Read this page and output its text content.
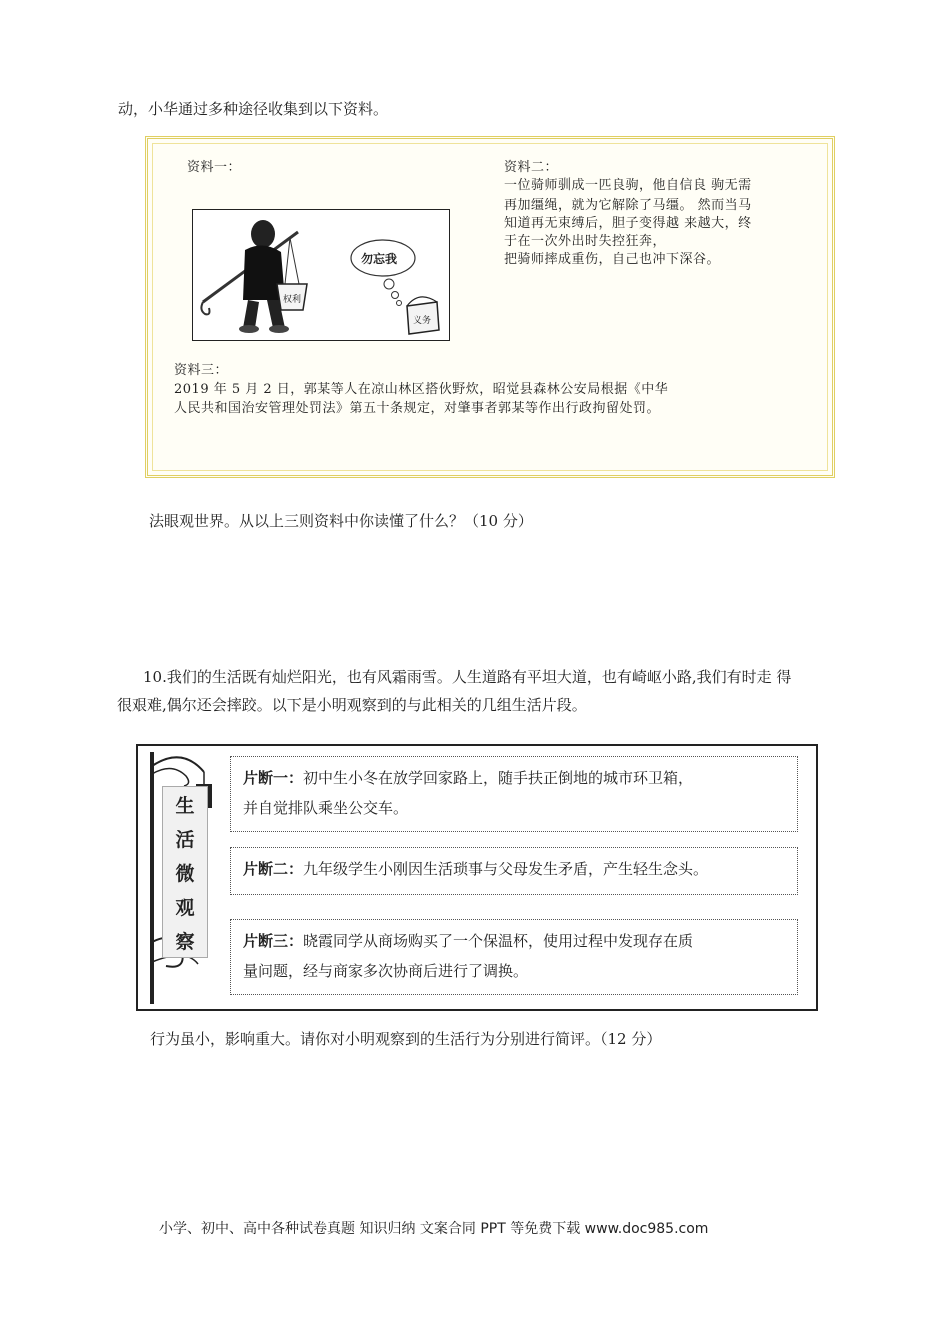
动，小华通过多种途径收集到以下资料。
资料一：
权利
勿忘我
义务
资料二：
一位骑师驯成一匹良驹，他自信良 驹无需
再加缰绳，就为它解除了马缰。 然而当马
知道再无束缚后，胆子变得越 来越大，终
于在一次外出时失控狂奔，
把骑师摔成重伤，自己也冲下深谷。
资料三：
2019 年 5 月 2 日，郭某等人在凉山林区搭伙野炊，昭觉县森林公安局根据《中华
人民共和国治安管理处罚法》第五十条规定，对肇事者郭某等作出行政拘留处罚。
法眼观世界。从以上三则资料中你读懂了什么？（10 分）
10.我们的生活既有灿烂阳光，也有风霜雨雪。人生道路有平坦大道，也有崎岖小路,我们有时走 得
很艰难,偶尔还会摔跤。以下是小明观察到的与此相关的几组生活片段。
生
活
微
观
察
片断一：初中生小冬在放学回家路上，随手扶正倒地的城市环卫箱，
并自觉排队乘坐公交车。
片断二：九年级学生小刚因生活琐事与父母发生矛盾，产生轻生念头。
片断三：晓霞同学从商场购买了一个保温杯，使用过程中发现存在质
量问题，经与商家多次协商后进行了调换。
行为虽小，影响重大。请你对小明观察到的生活行为分别进行简评。（12 分）
小学、初中、高中各种试卷真题 知识归纳 文案合同 PPT 等免费下载 www.doc985.com
